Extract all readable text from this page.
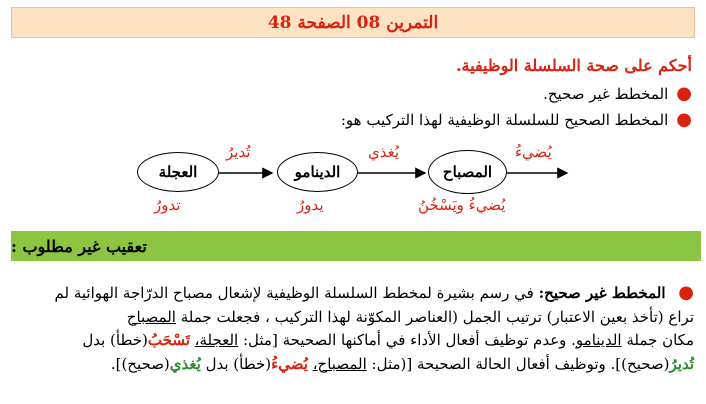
التمرين 08 الصفحة 48
أحكم على صحة السلسلة الوظيفية.
●
المخطط غير صحيح.
●
المخطط الصحيح للسلسلة الوظيفية لهذا التركيب هو:
العجلة	الدينامو	المصباح
تُديرُ	يُغذي	يُضيءُ
تدورُ	يدورُ	يُضيءُ ويَسْخُنُ
تعقيب غير مطلوب :

● المخطط غير صحيح: في رسم بشيرة لمخطط السلسلة الوظيفية لإشعال مصباح الدرّاجة الهوائية لم

تراع (تأخذ بعين الاعتبار) ترتيب الجمل (العناصر المكوّنة لهذا التركيب ، فجعلت جملة المصباح

مكان جملة الدينامو. وعدم توظيف أفعال الأداء في أماكنها الصحيحة [مثل: العجلة، تَسْحَبُ(خطأ) بدل

تُديرُ(صحيح)]. وتوظيف أفعال الحالة الصحيحة [(مثل: المصباح، يُضيءُ(خطأ) بدل يُغذي(صحيح)].
